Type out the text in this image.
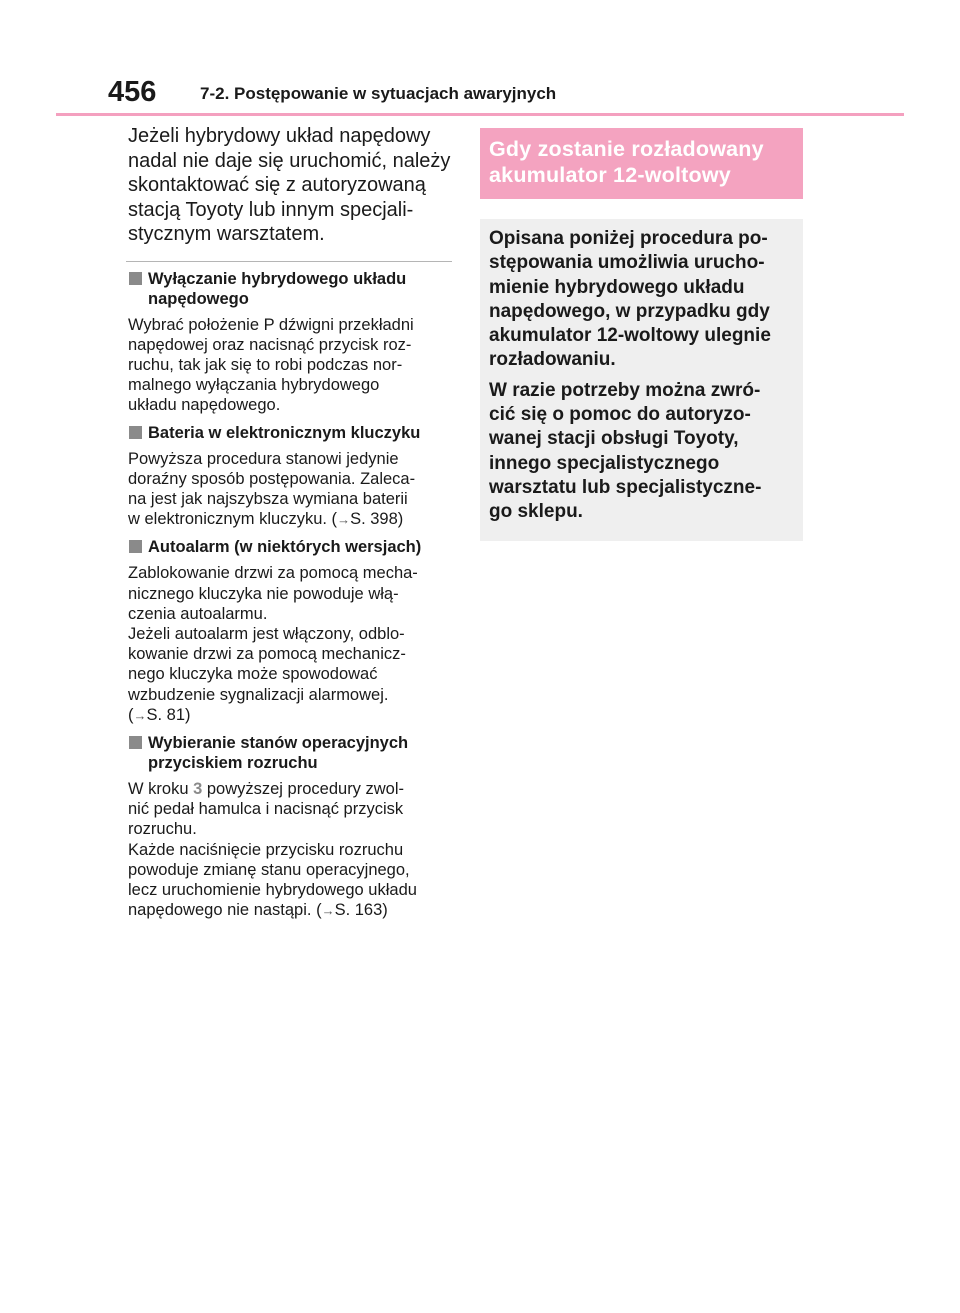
456	7-2. Postępowanie w sytuacjach awaryjnych

Jeżeli hybrydowy układ napędowy
nadal nie daje się uruchomić, należy
skontaktować się z autoryzowaną
stacją Toyoty lub innym specjali-
stycznym warsztatem.

Wyłączanie hybrydowego układu
napędowego

Wybrać położenie P dźwigni przekładni
napędowej oraz nacisnąć przycisk roz-
ruchu, tak jak się to robi podczas nor-
malnego wyłączania hybrydowego
układu napędowego.

Bateria w elektronicznym kluczyku

Powyższa procedura stanowi jedynie
doraźny sposób postępowania. Zaleca-
na jest jak najszybsza wymiana baterii
w elektronicznym kluczyku. (→S. 398)

Autoalarm (w niektórych wersjach)

Zablokowanie drzwi za pomocą mecha-
nicznego kluczyka nie powoduje włą-
czenia autoalarmu.
Jeżeli autoalarm jest włączony, odblo-
kowanie drzwi za pomocą mechanicz-
nego kluczyka może spowodować
wzbudzenie sygnalizacji alarmowej.
(→S. 81)

Wybieranie stanów operacyjnych
przyciskiem rozruchu

W kroku 3 powyższej procedury zwol-
nić pedał hamulca i nacisnąć przycisk
rozruchu.
Każde naciśnięcie przycisku rozruchu
powoduje zmianę stanu operacyjnego,
lecz uruchomienie hybrydowego układu
napędowego nie nastąpi. (→S. 163)

Gdy zostanie rozładowany
akumulator 12-woltowy

Opisana poniżej procedura po-
stępowania umożliwia urucho-
mienie hybrydowego układu
napędowego, w przypadku gdy
akumulator 12-woltowy ulegnie
rozładowaniu.

W razie potrzeby można zwró-
cić się o pomoc do autoryzo-
wanej stacji obsługi Toyoty,
innego specjalistycznego
warsztatu lub specjalistyczne-
go sklepu.
